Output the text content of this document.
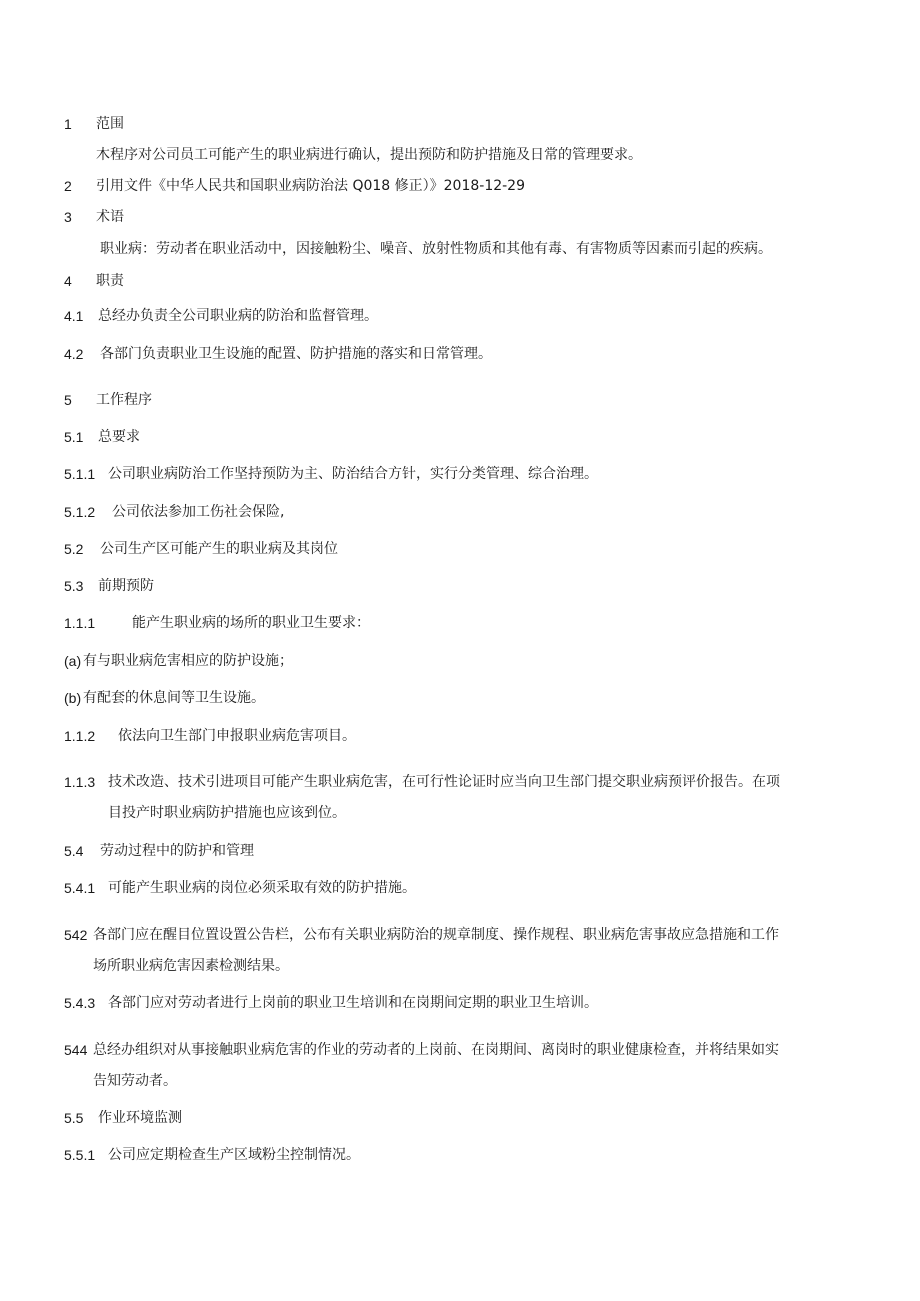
1 范围
木程序对公司员工可能产生的职业病进行确认，提出预防和防护措施及日常的管理要求。
2 引用文件《中华人民共和国职业病防治法 Q018 修正）》2018-12-29
3 术语
职业病：劳动者在职业活动中，因接触粉尘、噪音、放射性物质和其他有毒、有害物质等因素而引起的疾病。
4 职责
4.1 总经办负责全公司职业病的防治和监督管理。
4.2 各部门负责职业卫生设施的配置、防护措施的落实和日常管理。
5 工作程序
5.1 总要求
5.1.1 公司职业病防治工作坚持预防为主、防治结合方针，实行分类管理、综合治理。
5.1.2 公司依法参加工伤社会保险,
5.2 公司生产区可能产生的职业病及其岗位
5.3 前期预防
1.1.1	能产生职业病的场所的职业卫生要求：
(a) 有与职业病危害相应的防护设施；
(b) 有配套的休息间等卫生设施。
1.1.2 依法向卫生部门申报职业病危害项目。
1.1.3 技术改造、技术引进项目可能产生职业病危害，在可行性论证时应当向卫生部门提交职业病预评价报告。在项
目投产时职业病防护措施也应该到位。
5.4 劳动过程中的防护和管理
5.4.1 可能产生职业病的岗位必须采取有效的防护措施。
542 各部门应在醒目位置设置公告栏，公布有关职业病防治的规章制度、操作规程、职业病危害事故应急措施和工作
场所职业病危害因素检测结果。
5.4.3 各部门应对劳动者进行上岗前的职业卫生培训和在岗期间定期的职业卫生培训。
544 总经办组织对从事接触职业病危害的作业的劳动者的上岗前、在岗期间、离岗时的职业健康检查，并将结果如实
告知劳动者。
5.5 作业环境监测
5.5.1 公司应定期检查生产区域粉尘控制情况。
